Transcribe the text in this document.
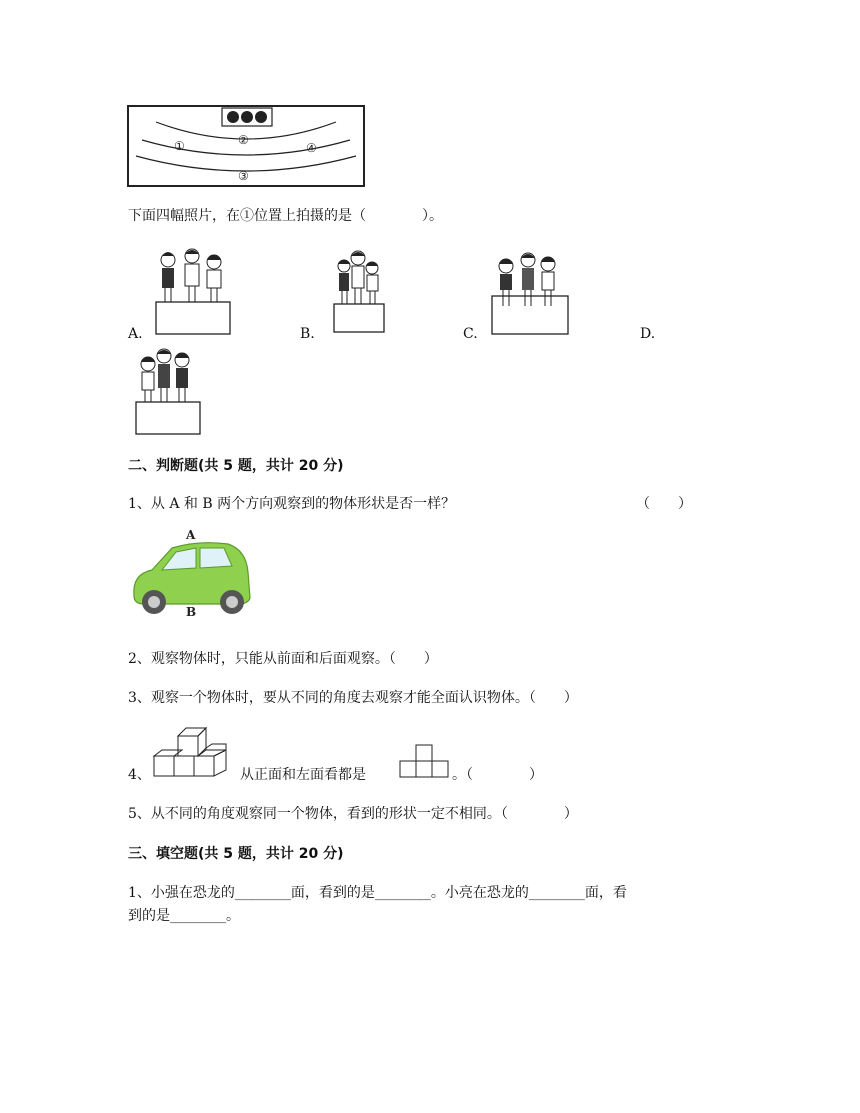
①	②
④
③
下面四幅照片，在①位置上拍摄的是（　　　　）。
A.	B.	C.	D.
二、判断题(共 5 题，共计 20 分)
1、从 A 和 B 两个方向观察到的物体形状是否一样？	（　　）
A
B
2、观察物体时，只能从前面和后面观察。（　　）
3、观察一个物体时，要从不同的角度去观察才能全面认识物体。（　　）
4、	从正面和左面看都是	。（　　　　）
5、从不同的角度观察同一个物体，看到的形状一定不相同。（　　　　）
三、填空题(共 5 题，共计 20 分)
1、小强在恐龙的________面，看到的是________。小亮在恐龙的________面，看
到的是________。
